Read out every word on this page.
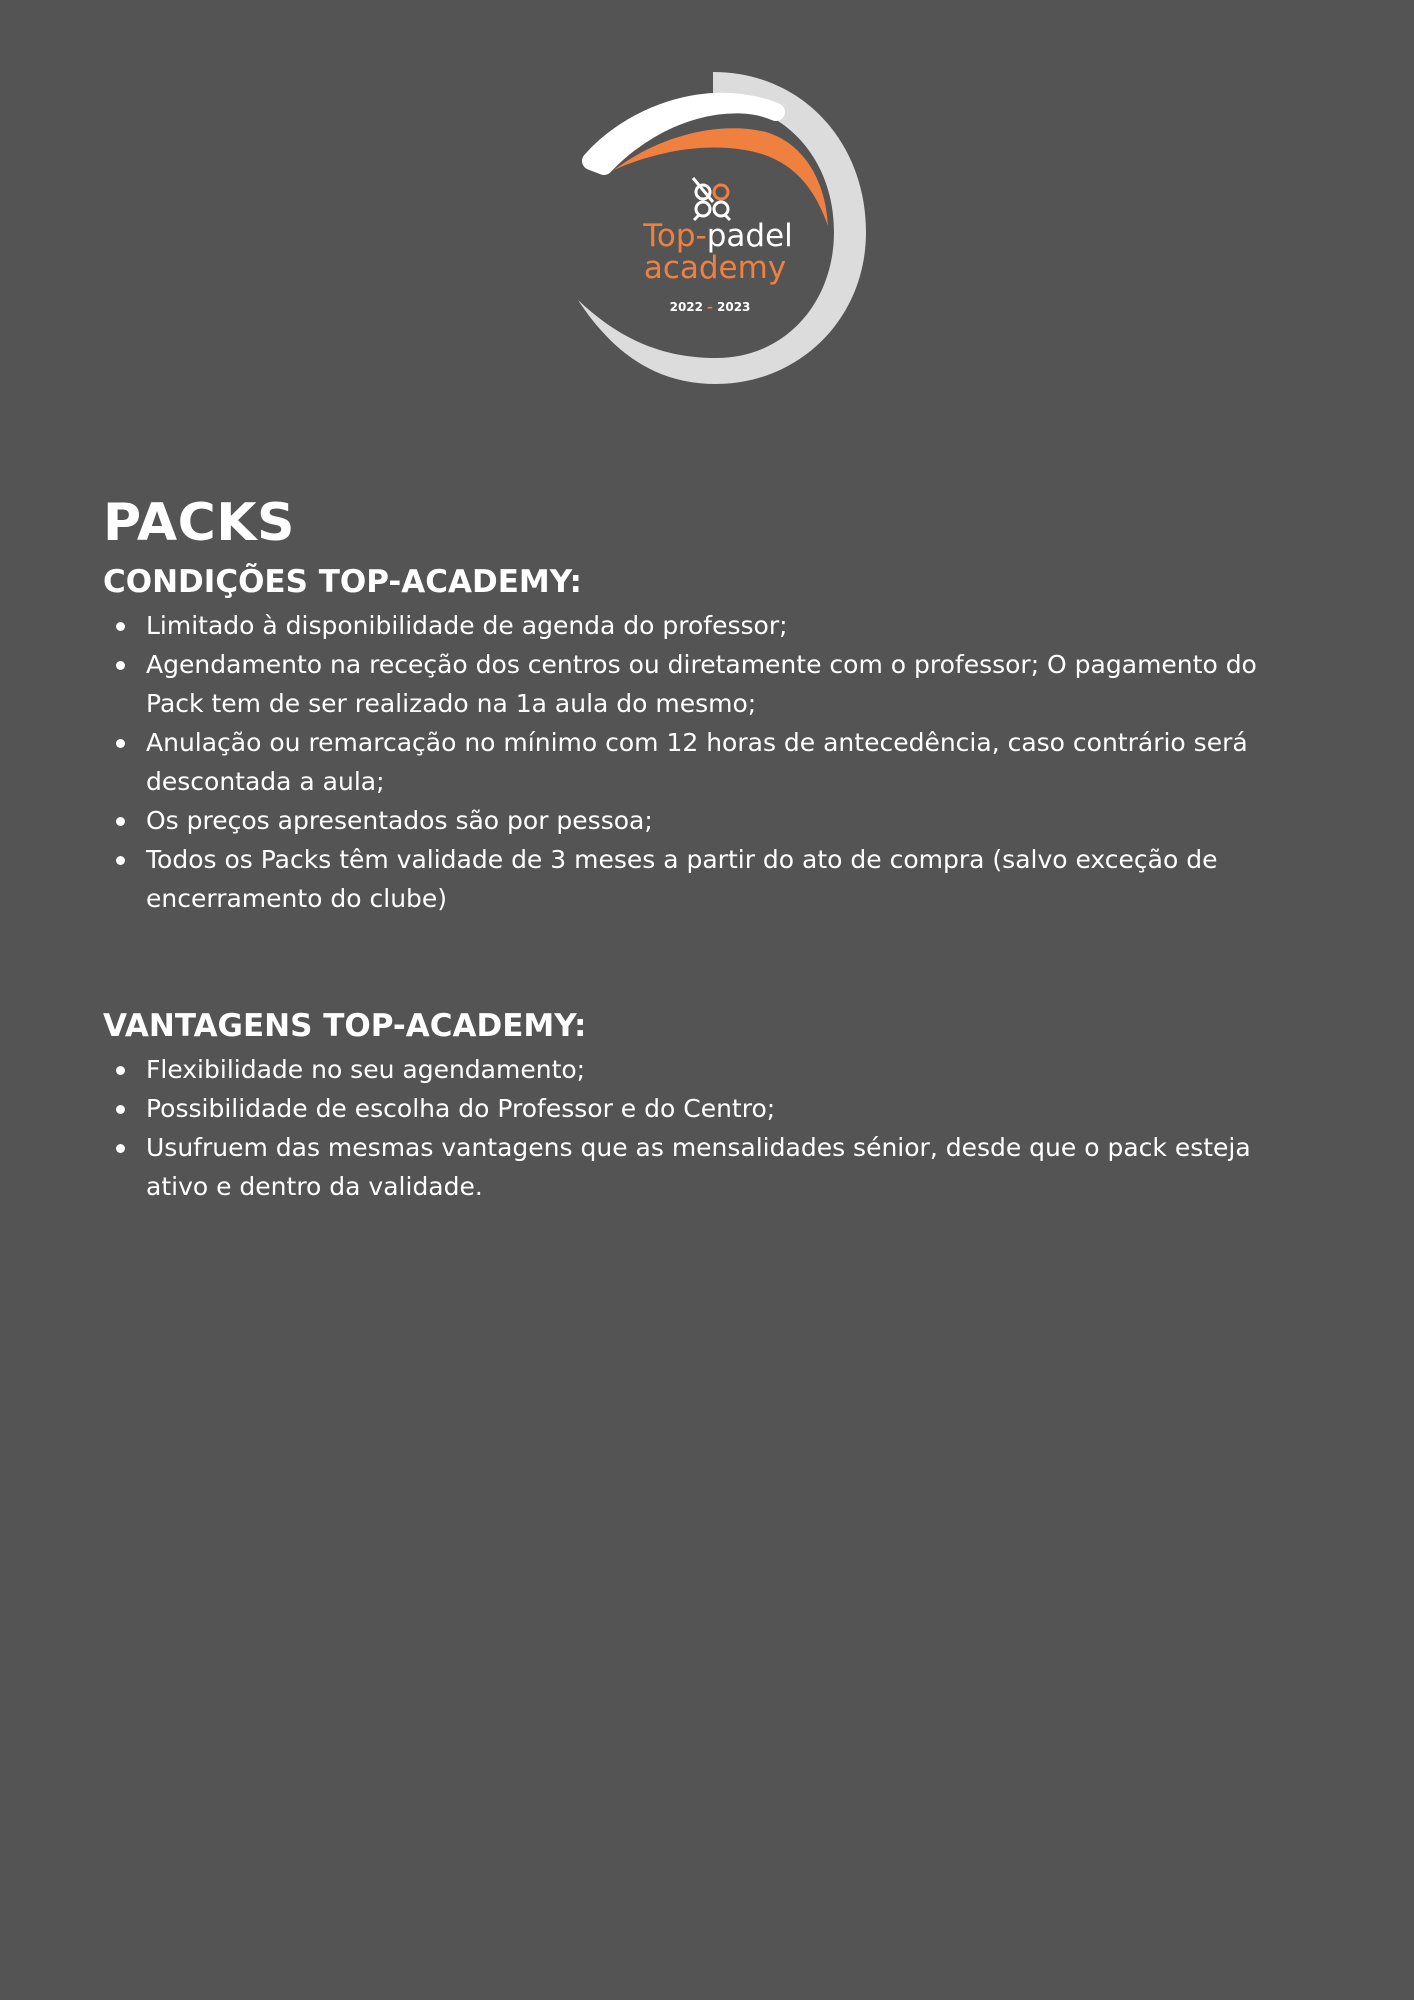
Top-padel
academy
2022 – 2023
PACKS
CONDIÇÕES TOP-ACADEMY:
Limitado à disponibilidade de agenda do professor;
Agendamento na receção dos centros ou diretamente com o professor; O pagamento do Pack tem de ser realizado na 1a aula do mesmo;
Anulação ou remarcação no mínimo com 12 horas de antecedência, caso contrário será descontada a aula;
Os preços apresentados são por pessoa;
Todos os Packs têm validade de 3 meses a partir do ato de compra (salvo exceção de encerramento do clube)
VANTAGENS TOP-ACADEMY:
Flexibilidade no seu agendamento;
Possibilidade de escolha do Professor e do Centro;
Usufruem das mesmas vantagens que as mensalidades sénior, desde que o pack esteja ativo e dentro da validade.
